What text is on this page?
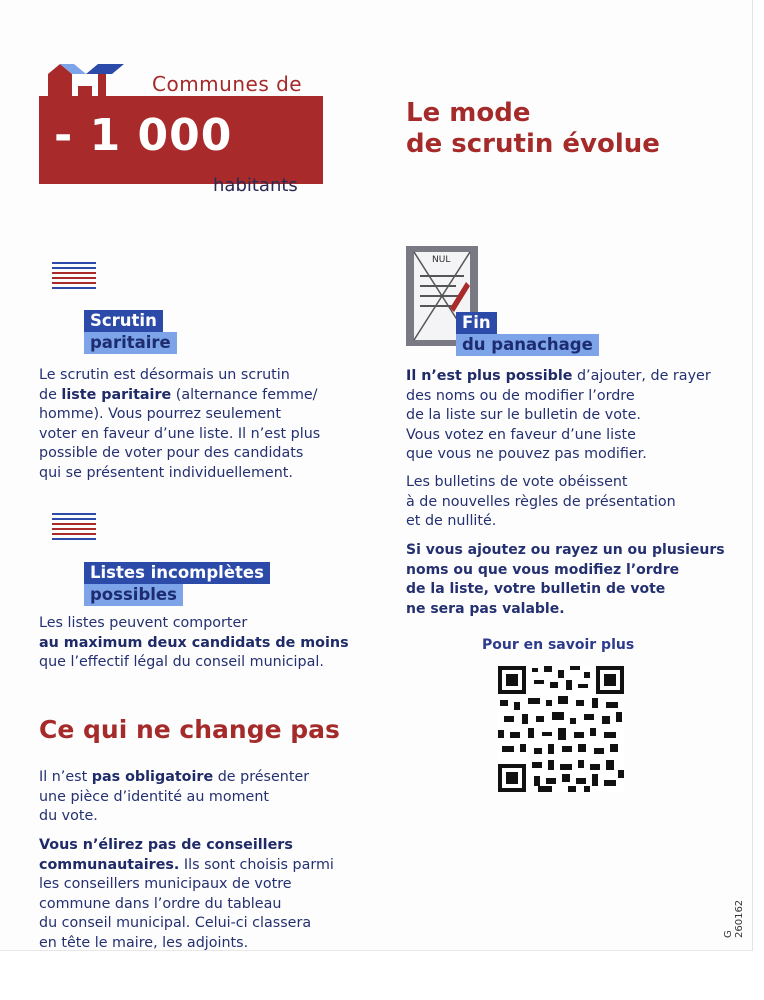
Communes de
- 1 000
habitants
Le mode
de scrutin évolue
Scrutin
paritaire
Le scrutin est désormais un scrutin
de liste paritaire (alternance femme/
homme). Vous pourrez seulement
voter en faveur d’une liste. Il n’est plus
possible de voter pour des candidats
qui se présentent individuellement.
Listes incomplètes
possibles
Les listes peuvent comporter
au maximum deux candidats de moins
que l’effectif légal du conseil municipal.
Ce qui ne change pas
Il n’est pas obligatoire de présenter
une pièce d’identité au moment
du vote.
Vous n’élirez pas de conseillers
communautaires. Ils sont choisis parmi
les conseillers municipaux de votre
commune dans l’ordre du tableau
du conseil municipal. Celui-ci classera
en tête le maire, les adjoints.
NUL
Fin
du panachage
Il n’est plus possible d’ajouter, de rayer
des noms ou de modifier l’ordre
de la liste sur le bulletin de vote.
Vous votez en faveur d’une liste
que vous ne pouvez pas modifier.
Les bulletins de vote obéissent
à de nouvelles règles de présentation
et de nullité.
Si vous ajoutez ou rayez un ou plusieurs
noms ou que vous modifiez l’ordre
de la liste, votre bulletin de vote
ne sera pas valable.
Pour en savoir plus
G 260162
